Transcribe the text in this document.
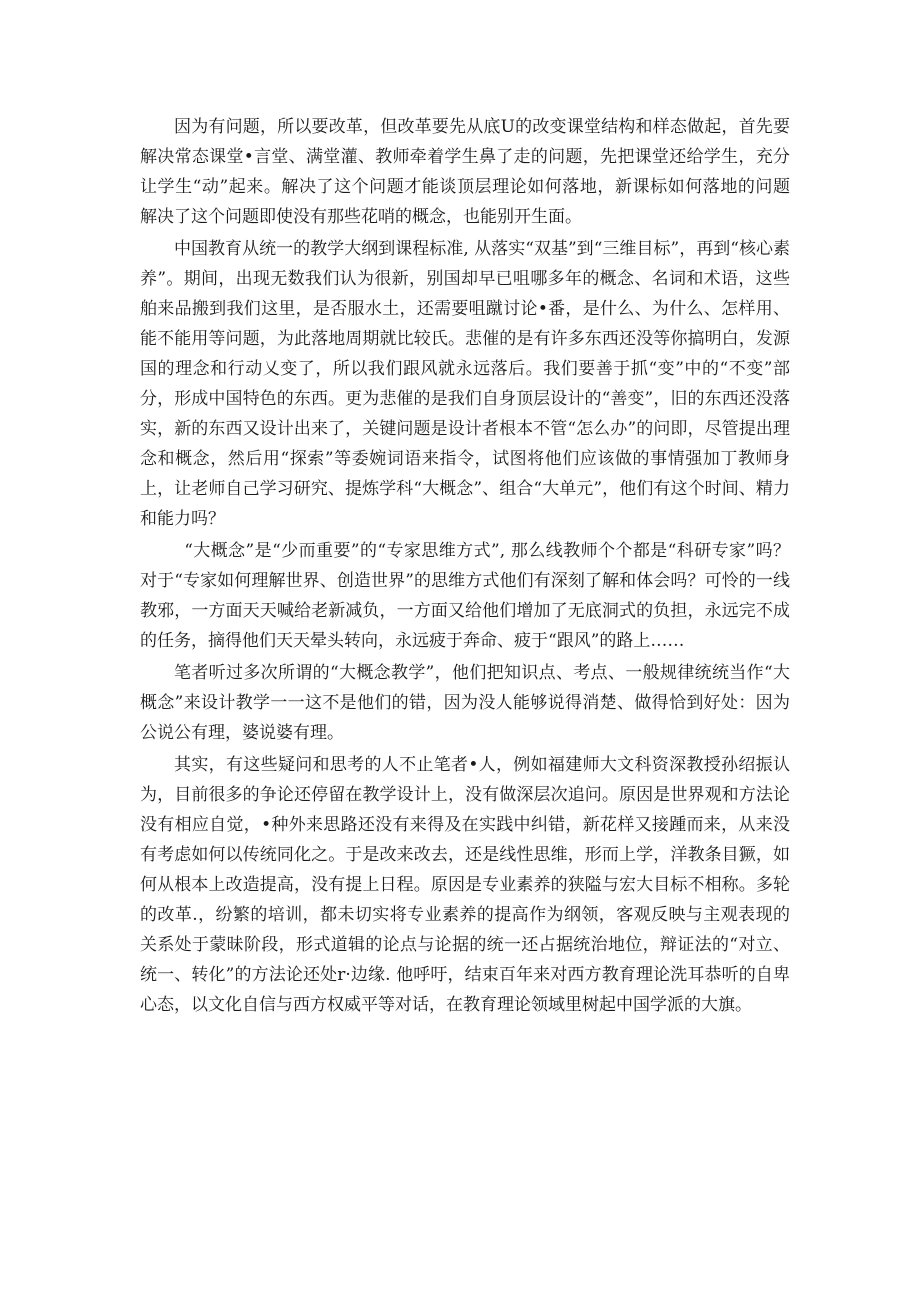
因为有问题，所以要改革，但改革要先从底U的改变课堂结构和样态做起，首先要解决常态课堂•言堂、满堂灌、教师牵着学生鼻了走的问题，先把课堂还给学生，充分让学生“动”起来。解决了这个问题才能谈顶层理论如何落地，新课标如何落地的问题 解决了这个问题即使没有那些花哨的概念，也能别开生面。

中国教育从统一的教学大纲到课程标准, 从落实“双基”到“三维目标”，再到“核心素养”。期间，出现无数我们认为很新，别国却早已咀哪多年的概念、名词和术语，这些舶来品搬到我们这里，是否服水土，还需要咀蹴讨论•番，是什么、为什么、怎样用、能不能用等问题，为此落地周期就比较氏。悲催的是有许多东西还没等你搞明白，发源国的理念和行动乂变了，所以我们跟风就永远落后。我们要善于抓“变”中的“不变”部分，形成中国特色的东西。更为悲催的是我们自身顶层设计的“善变”，旧的东西还没落实，新的东西又设计出来了，关键问题是设计者根本不管“怎么办”的问即，尽管提出理念和概念，然后用“探索”等委婉词语来指令，试图将他们应该做的事情强加丁教师身上，让老师自己学习研究、提炼学科“大概念”、组合“大单元”，他们有这个时间、精力和能力吗？

“大概念”是“少而重要”的“专家思维方式”, 那么线教师个个都是“科研专家”吗？对于“专家如何理解世界、创造世界”的思维方式他们有深刻了解和体会吗？可怜的一线教邪，一方面天天喊给老新减负，一方面又给他们增加了无底洞式的负担，永远完不成的任务，摘得他们天天晕头转向，永远疲于奔命、疲于“跟风”的路上……

笔者听过多次所谓的“大概念教学”，他们把知识点、考点、一般规律统统当作“大概念”来设计教学一一这不是他们的错，因为没人能够说得消楚、做得恰到好处：因为公说公有理，婆说婆有理。

其实，有这些疑问和思考的人不止笔者•人，例如福建师大文科资深教授孙绍振认为，目前很多的争论还停留在教学设计上，没有做深层次追问。原因是世界观和方法论没有相应自觉，•种外来思路还没有来得及在实践中纠错，新花样又接踵而来，从来没有考虑如何以传统同化之。于是改来改去，还是线性思维，形而上学，洋教条目獗，如何从根本上改造提高，没有提上日程。原因是专业素养的狭隘与宏大目标不相称。多轮的改革.，纷繁的培训，都未切实将专业素养的提高作为纲领，客观反映与主观表现的关系处于蒙昧阶段，形式道辑的论点与论据的统一还占据统治地位，辩证法的“对立、统一、转化”的方法论还处r·边缘. 他呼吁，结束百年来对西方教育理论洗耳恭听的自卑心态，以文化自信与西方权威平等对话，在教育理论领域里树起中国学派的大旗。
